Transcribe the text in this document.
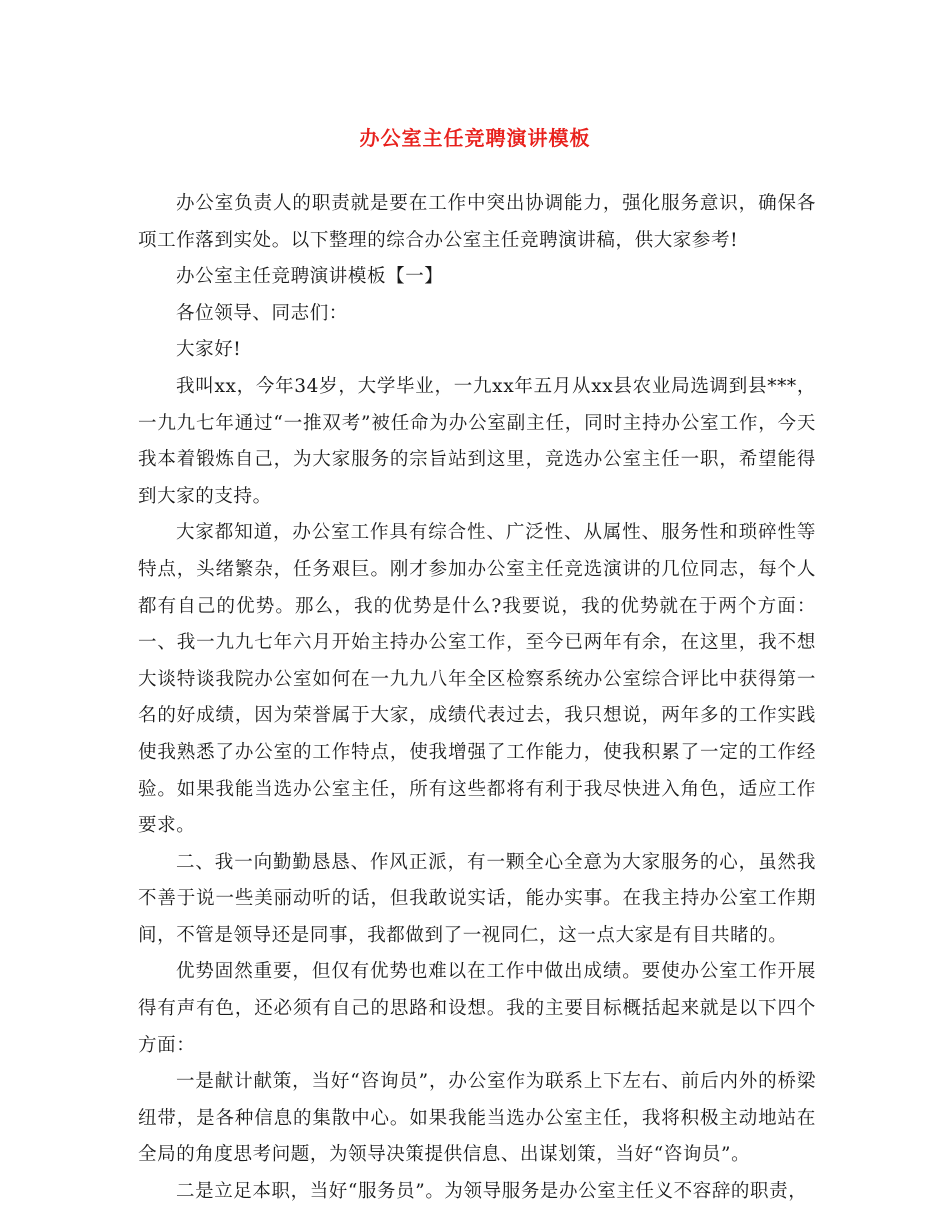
办公室主任竞聘演讲模板

办公室负责人的职责就是要在工作中突出协调能力，强化服务意识，确保各项工作落到实处。以下整理的综合办公室主任竞聘演讲稿，供大家参考!

办公室主任竞聘演讲模板【一】

各位领导、同志们：

大家好!

我叫xx，今年34岁，大学毕业，一九xx年五月从xx县农业局选调到县***，一九九七年通过“一推双考”被任命为办公室副主任，同时主持办公室工作，今天我本着锻炼自己，为大家服务的宗旨站到这里，竞选办公室主任一职，希望能得到大家的支持。

大家都知道，办公室工作具有综合性、广泛性、从属性、服务性和琐碎性等特点，头绪繁杂，任务艰巨。刚才参加办公室主任竞选演讲的几位同志，每个人都有自己的优势。那么，我的优势是什么?我要说，我的优势就在于两个方面：一、我一九九七年六月开始主持办公室工作，至今已两年有余，在这里，我不想大谈特谈我院办公室如何在一九九八年全区检察系统办公室综合评比中获得第一名的好成绩，因为荣誉属于大家，成绩代表过去，我只想说，两年多的工作实践使我熟悉了办公室的工作特点，使我增强了工作能力，使我积累了一定的工作经验。如果我能当选办公室主任，所有这些都将有利于我尽快进入角色，适应工作要求。

二、我一向勤勤恳恳、作风正派，有一颗全心全意为大家服务的心，虽然我不善于说一些美丽动听的话，但我敢说实话，能办实事。在我主持办公室工作期间，不管是领导还是同事，我都做到了一视同仁，这一点大家是有目共睹的。

优势固然重要，但仅有优势也难以在工作中做出成绩。要使办公室工作开展得有声有色，还必须有自己的思路和设想。我的主要目标概括起来就是以下四个方面：

一是献计献策，当好“咨询员”，办公室作为联系上下左右、前后内外的桥梁纽带，是各种信息的集散中心。如果我能当选办公室主任，我将积极主动地站在全局的角度思考问题，为领导决策提供信息、出谋划策，当好“咨询员”。

二是立足本职，当好“服务员”。为领导服务是办公室主任义不容辞的职责，
